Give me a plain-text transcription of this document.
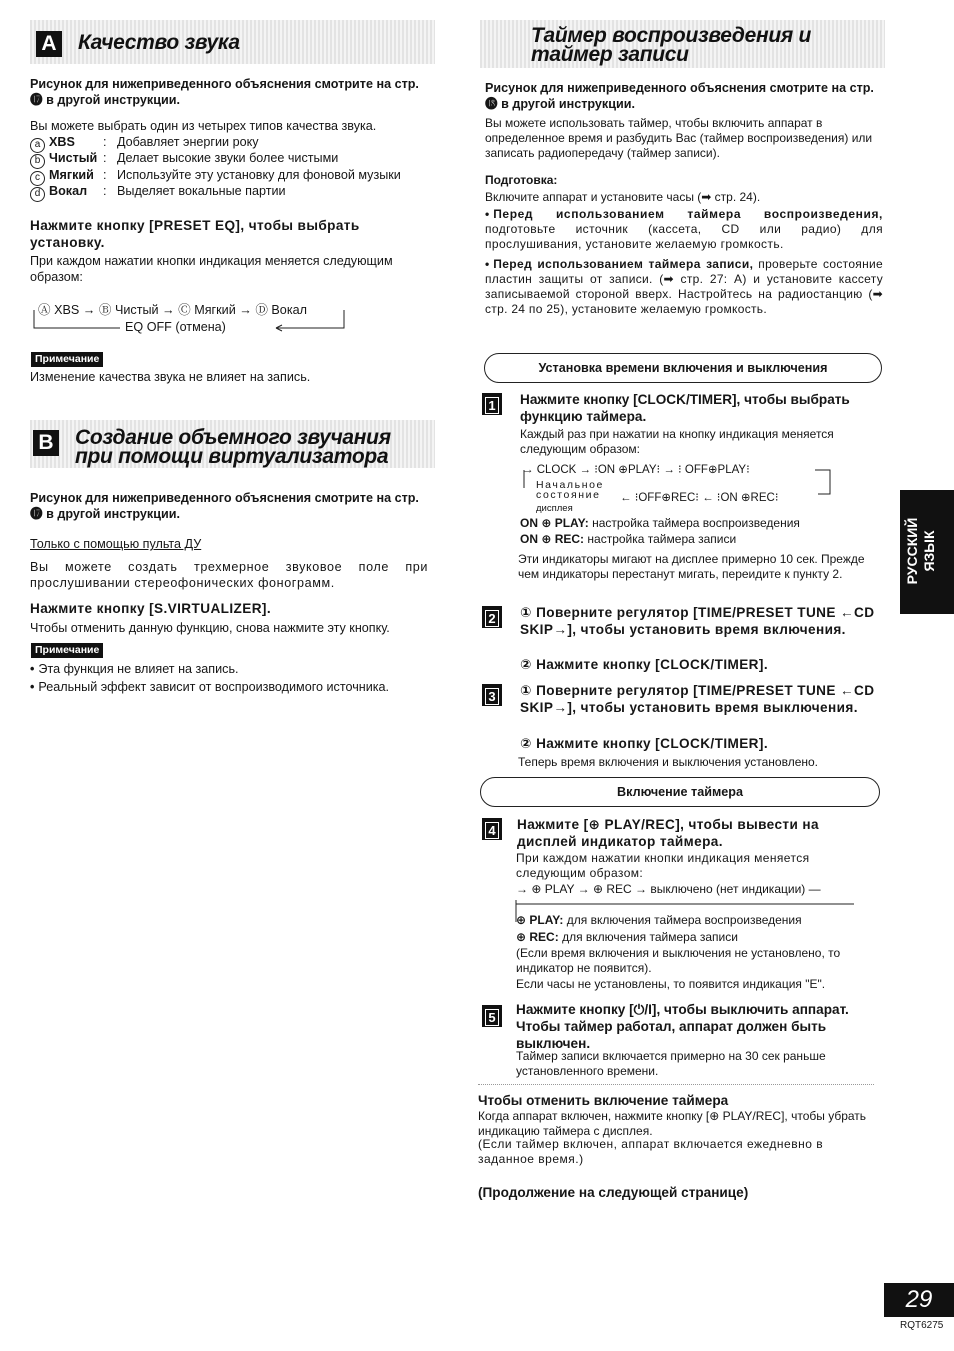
A Качество звука
Рисунок для нижеприведенного объяснения смотрите на стр. ⓱ в другой инструкции.
Вы можете выбрать один из четырех типов качества звука.
a XBS : Добавляет энергии року
b Чистый : Делает высокие звуки более чистыми
c Мягкий : Используйте эту установку для фоновой музыки
d Вокал : Выделяет вокальные партии
Нажмите кнопку [PRESET EQ], чтобы выбрать установку.
При каждом нажатии кнопки индикация меняется следующим образом:
Ⓐ XBS → Ⓑ Чистый → Ⓒ Мягкий → Ⓓ Вокал
EQ OFF (отмена)
Примечание
Изменение качества звука не влияет на запись.
B Создание объемного звучания
при помощи виртуализатора
Рисунок для нижеприведенного объяснения смотрите на стр. ⓱ в другой инструкции.
Только с помощью пульта ДУ
Вы можете создать трехмерное звуковое поле при прослушивании стереофонических фонограмм.
Нажмите кнопку [S.VIRTUALIZER].
Чтобы отменить данную функцию, снова нажмите эту кнопку.
Примечание
• Эта функция не влияет на запись.
• Реальный эффект зависит от воспроизводимого источника.
Таймер воспроизведения и
таймер записи
Рисунок для нижеприведенного объяснения смотрите на стр. ⓲ в другой инструкции.
Вы можете использовать таймер, чтобы включить аппарат в определенное время и разбудить Вас (таймер воспроизведения) или записать радиопередачу (таймер записи).
Подготовка:
Включите аппарат и установите часы (➡ стр. 24).
• Перед использованием таймера воспроизведения, подготовьте источник (кассета, CD или радио) для прослушивания, установите желаемую громкость.
• Перед использованием таймера записи, проверьте состояние пластин защиты от записи. (➡ стр. 27: A) и установите кассету записываемой стороной вверх. Настройтесь на радиостанцию (➡ стр. 24 по 25), установите желаемую громкость.
Установка времени включения и выключения
1	Нажмите кнопку [CLOCK/TIMER], чтобы выбрать функцию таймера.
Каждый раз при нажатии на кнопку индикация меняется следующим образом:
→ CLOCK → ⁝ON ⊕PLAY⁝ → ⁝ OFF⊕PLAY⁝
Начальное
состояние
дисплея
← ⁝OFF⊕REC⁝ ← ⁝ON ⊕REC⁝
ON ⊕ PLAY: настройка таймера воспроизведения
ON ⊕ REC: настройка таймера записи
Эти индикаторы мигают на дисплее примерно 10 сек. Прежде чем индикаторы перестанут мигать, переидите к пункту 2.
2	① Поверните регулятор [TIME/PRESET TUNE ←CD SKIP→], чтобы установить время включения.
② Нажмите кнопку [CLOCK/TIMER].
3	① Поверните регулятор [TIME/PRESET TUNE ←CD SKIP→], чтобы установить время выключения.
② Нажмите кнопку [CLOCK/TIMER].
Теперь время включения и выключения установлено.
Включение таймера
4	Нажмите [⊕ PLAY/REC], чтобы вывести на дисплей индикатор таймера.
При каждом нажатии кнопки индикация меняется следующим образом:
→ ⊕ PLAY → ⊕ REC → выключено (нет индикации) —
⊕ PLAY: для включения таймера воспроизведения
⊕ REC: для включения таймера записи
(Если время включения и выключения не установлено, то индикатор не появится).
Если часы не установлены, то появится индикация "E".
5
Нажмите кнопку [⏻/I], чтобы выключить аппарат. Чтобы таймер работал, аппарат должен быть выключен.
Таймер записи включается примерно на 30 сек раньше установленного времени.
Чтобы отменить включение таймера
Когда аппарат включен, нажмите кнопку [⊕ PLAY/REC], чтобы убрать индикацию таймера с дисплея.
(Если таймер включен, аппарат включается ежедневно в заданное время.)
(Продолжение на следующей странице)
РУССКИЙ
ЯЗЫК
29
RQT6275
